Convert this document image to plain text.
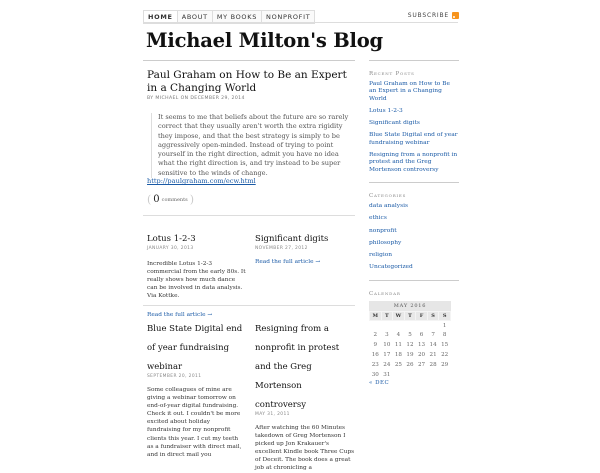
HOME	ABOUT	MY BOOKS	NONPROFIT	SUBSCRIBE
Michael Milton's Blog
Paul Graham on How to Be an Expert in a Changing World
BY MICHAEL ON DECEMBER 29, 2014
It seems to me that beliefs about the future are so rarely correct that they usually aren't worth the extra rigidity they impose, and that the best strategy is simply to be aggressively open-minded. Instead of trying to point yourself in the right direction, admit you have no idea what the right direction is, and try instead to be super sensitive to the winds of change.
http://paulgraham.com/ecw.html
( 0 comments )
Lotus 1-2-3
JANUARY 30, 2013
Incredible Lotus 1-2-3 commercial from the early 80s. It really shows how much dance can be involved in data analysis. Via Kottke.
Read the full article →
Significant digits
NOVEMBER 27, 2012
Read the full article →
Blue State Digital end of year fundraising webinar
SEPTEMBER 20, 2011
Some colleagues of mine are giving a webinar tomorrow on end-of-year digital fundraising. Check it out. I couldn't be more excited about holiday fundraising for my nonprofit clients this year. I cut my teeth as a fundraiser with direct mail, and in direct mail you
Resigning from a nonprofit in protest and the Greg Mortenson controversy
MAY 31, 2011
After watching the 60 Minutes takedown of Greg Mortenson I picked up Jon Krakauer's excellent Kindle book Three Cups of Deceit. The book does a great job at chronicling a
Recent Posts
Paul Graham on How to Be an Expert in a Changing World
Lotus 1-2-3
Significant digits
Blue State Digital end of year fundraising webinar
Resigning from a nonprofit in protest and the Greg Mortenson controversy
Categories
data analysis
ethics
nonprofit
philosophy
religion
Uncategorized
Calendar
MAY 2016
M	T	W	T	F	S	S
						1
2	3	4	5	6	7	8
9	10	11	12	13	14	15
16	17	18	19	20	21	22
23	24	25	26	27	28	29
30	31					
« DEC
